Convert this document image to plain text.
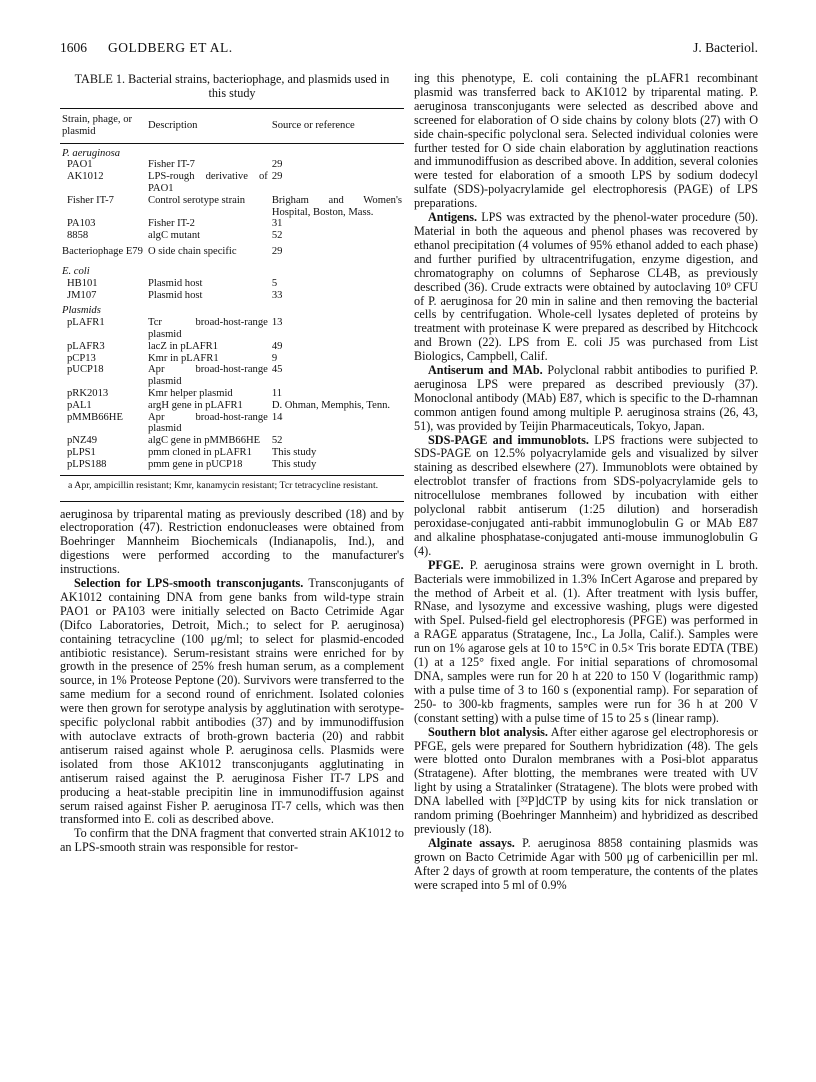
1606 GOLDBERG ET AL.	J. Bacteriol.
TABLE 1. Bacterial strains, bacteriophage, and plasmids used in this study
Strain, phage, or plasmid	Description	Source or reference
P. aeruginosa		
PAO1	Fisher IT-7	29
AK1012	LPS-rough derivative of PAO1	29
Fisher IT-7	Control serotype strain	Brigham and Women's Hospital, Boston, Mass.
PA103	Fisher IT-2	31
8858	algC mutant	52
Bacteriophage E79	O side chain specific	29
E. coli		
HB101	Plasmid host	5
JM107	Plasmid host	33
Plasmids		
pLAFR1	Tcr broad-host-range plasmid	13
pLAFR3	lacZ in pLAFR1	49
pCP13	Kmr in pLAFR1	9
pUCP18	Apr broad-host-range plasmid	45
pRK2013	Kmr helper plasmid	11
pAL1	argH gene in pLAFR1	D. Ohman, Memphis, Tenn.
pMMB66HE	Apr broad-host-range plasmid	14
pNZ49	algC gene in pMMB66HE	52
pLPS1	pmm cloned in pLAFR1	This study
pLPS188	pmm gene in pUCP18	This study
a Apr, ampicillin resistant; Kmr, kanamycin resistant; Tcr tetracycline resistant.

aeruginosa by triparental mating as previously described (18) and by electroporation (47). Restriction endonucleases were obtained from Boehringer Mannheim Biochemicals (Indianapolis, Ind.), and digestions were performed according to the manufacturer's instructions.

Selection for LPS-smooth transconjugants. Transconjugants of AK1012 containing DNA from gene banks from wild-type strain PAO1 or PA103 were initially selected on Bacto Cetrimide Agar (Difco Laboratories, Detroit, Mich.; to select for P. aeruginosa) containing tetracycline (100 μg/ml; to select for plasmid-encoded antibiotic resistance). Serum-resistant strains were enriched for by growth in the presence of 25% fresh human serum, as a complement source, in 1% Proteose Peptone (20). Survivors were transferred to the same medium for a second round of enrichment. Isolated colonies were then grown for serotype analysis by agglutination with serotype-specific polyclonal rabbit antibodies (37) and by immunodiffusion with autoclave extracts of broth-grown bacteria (20) and rabbit antiserum raised against whole P. aeruginosa cells. Plasmids were isolated from those AK1012 transconjugants agglutinating in antiserum raised against the P. aeruginosa Fisher IT-7 LPS and producing a heat-stable precipitin line in immunodiffusion against serum raised against Fisher P. aeruginosa IT-7 cells, which was then transformed into E. coli as described above.

To confirm that the DNA fragment that converted strain AK1012 to an LPS-smooth strain was responsible for restor-

ing this phenotype, E. coli containing the pLAFR1 recombinant plasmid was transferred back to AK1012 by triparental mating. P. aeruginosa transconjugants were selected as described above and screened for elaboration of O side chains by colony blots (27) with O side chain-specific polyclonal sera. Selected individual colonies were further tested for O side chain elaboration by agglutination reactions and immunodiffusion as described above. In addition, several colonies were tested for elaboration of a smooth LPS by sodium dodecyl sulfate (SDS)-polyacrylamide gel electrophoresis (PAGE) of LPS preparations.

Antigens. LPS was extracted by the phenol-water procedure (50). Material in both the aqueous and phenol phases was recovered by ethanol precipitation (4 volumes of 95% ethanol added to each phase) and further purified by ultracentrifugation, enzyme digestion, and chromatography on columns of Sepharose CL4B, as previously described (36). Crude extracts were obtained by autoclaving 10⁹ CFU of P. aeruginosa for 20 min in saline and then removing the bacterial cells by centrifugation. Whole-cell lysates depleted of proteins by treatment with proteinase K were prepared as described by Hitchcock and Brown (22). LPS from E. coli J5 was purchased from List Biologics, Campbell, Calif.

Antiserum and MAb. Polyclonal rabbit antibodies to purified P. aeruginosa LPS were prepared as described previously (37). Monoclonal antibody (MAb) E87, which is specific to the D-rhamnan common antigen found among multiple P. aeruginosa strains (26, 43, 51), was provided by Teijin Pharmaceuticals, Tokyo, Japan.

SDS-PAGE and immunoblots. LPS fractions were subjected to SDS-PAGE on 12.5% polyacrylamide gels and visualized by silver staining as described elsewhere (27). Immunoblots were obtained by electroblot transfer of fractions from SDS-polyacrylamide gels to nitrocellulose membranes followed by incubation with either polyclonal rabbit antiserum (1:25 dilution) and horseradish peroxidase-conjugated anti-rabbit immunoglobulin G or MAb E87 and alkaline phosphatase-conjugated anti-mouse immunoglobulin G (4).

PFGE. P. aeruginosa strains were grown overnight in L broth. Bacterials were immobilized in 1.3% InCert Agarose and prepared by the method of Arbeit et al. (1). After treatment with lysis buffer, RNase, and lysozyme and excessive washing, plugs were digested with SpeI. Pulsed-field gel electrophoresis (PFGE) was performed in a RAGE apparatus (Stratagene, Inc., La Jolla, Calif.). Samples were run on 1% agarose gels at 10 to 15°C in 0.5× Tris borate EDTA (TBE) (1) at a 125° fixed angle. For initial separations of chromosomal DNA, samples were run for 20 h at 220 to 150 V (logarithmic ramp) with a pulse time of 3 to 160 s (exponential ramp). For separation of 250- to 300-kb fragments, samples were run for 36 h at 200 V (constant setting) with a pulse time of 15 to 25 s (linear ramp).

Southern blot analysis. After either agarose gel electrophoresis or PFGE, gels were prepared for Southern hybridization (48). The gels were blotted onto Duralon membranes with a Posi-blot apparatus (Stratagene). After blotting, the membranes were treated with UV light by using a Stratalinker (Stratagene). The blots were probed with DNA labelled with [³²P]dCTP by using kits for nick translation or random priming (Boehringer Mannheim) and hybridized as described previously (18).

Alginate assays. P. aeruginosa 8858 containing plasmids was grown on Bacto Cetrimide Agar with 500 μg of carbenicillin per ml. After 2 days of growth at room temperature, the contents of the plates were scraped into 5 ml of 0.9%
